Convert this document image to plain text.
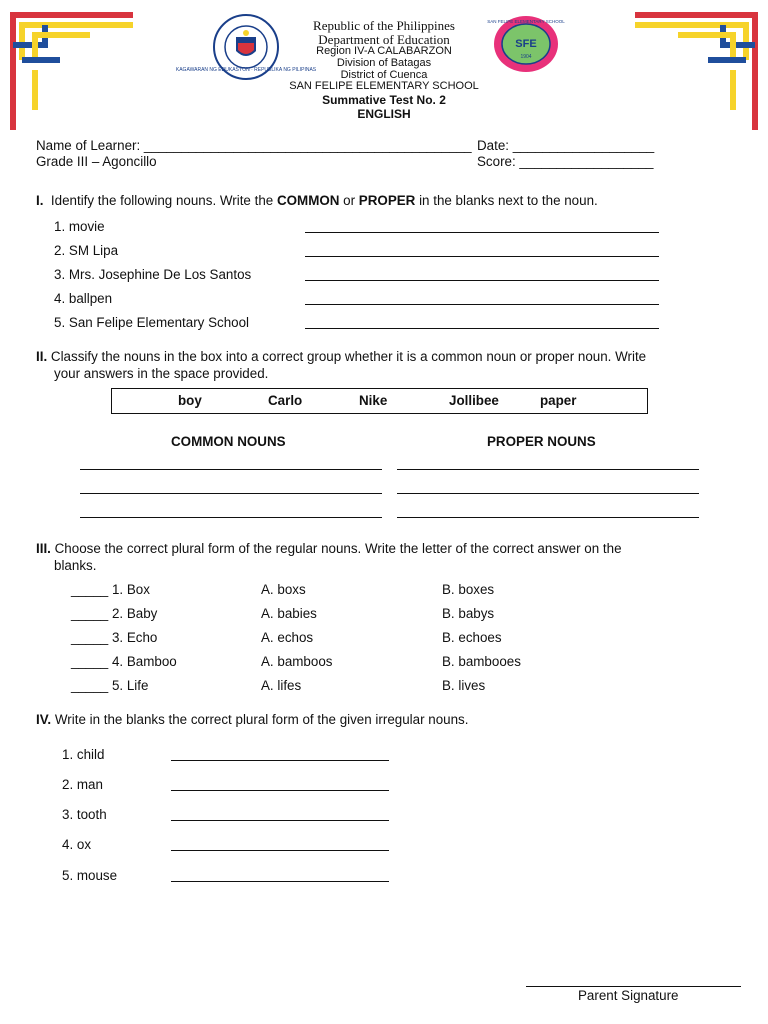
KAGAWARAN NG EDUKASYON · REPUBLIKA NG PILIPINAS
SFE
1904
SAN FELIPE ELEMENTARY SCHOOL
Republic of the Philippines
Department of Education
Region IV-A CALABARZON
Division of Batagas
District of Cuenca
SAN FELIPE ELEMENTARY SCHOOL
Summative Test No. 2
ENGLISH
Name of Learner: ____________________________________________
Grade III – Agoncillo
Date: ___________________
Score: __________________
I. Identify the following nouns. Write the COMMON or PROPER in the blanks next to the noun.
1. movie
2. SM Lipa
3. Mrs. Josephine De Los Santos
4. ballpen
5. San Felipe Elementary School
II. Classify the nouns in the box into a correct group whether it is a common noun or proper noun. Write
your answers in the space provided.
boy	Carlo	Nike	Jollibee	paper
COMMON NOUNS	PROPER NOUNS
III. Choose the correct plural form of the regular nouns. Write the letter of the correct answer on the
blanks.
_____ 1. Box	A. boxs	B. boxes
_____ 2. Baby	A. babies	B. babys
_____ 3. Echo	A. echos	B. echoes
_____ 4. Bamboo	A. bamboos	B. bambooes
_____ 5. Life	A. lifes	B. lives
IV. Write in the blanks the correct plural form of the given irregular nouns.
1. child
2. man
3. tooth
4. ox
5. mouse
Parent Signature
